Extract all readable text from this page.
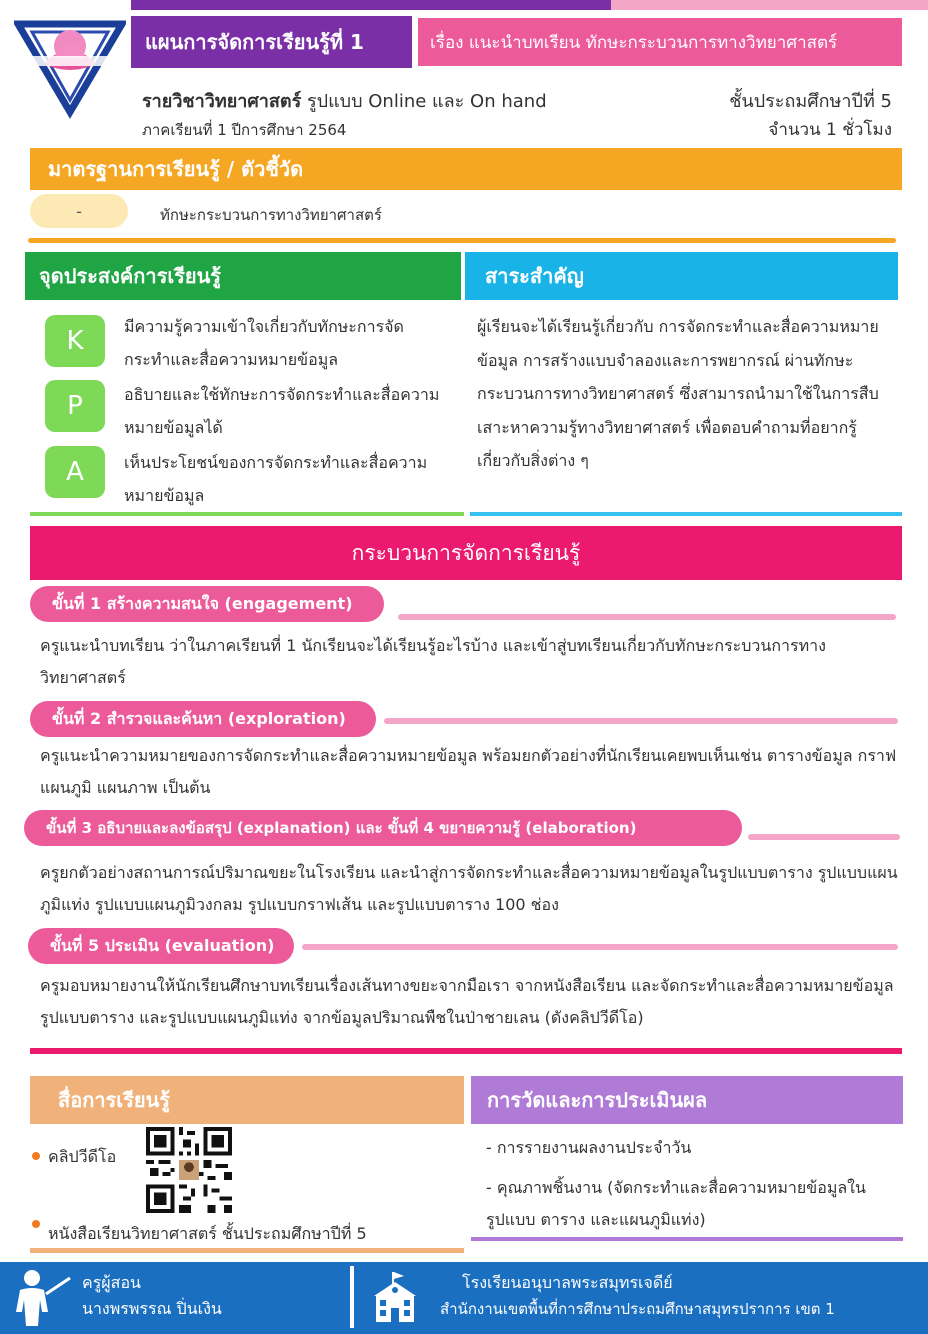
แผนการจัดการเรียนรู้ที่ 1	เรื่อง แนะนำบทเรียน ทักษะกระบวนการทางวิทยาศาสตร์
รายวิชาวิทยาศาสตร์ รูปแบบ Online และ On hand
ภาคเรียนที่ 1 ปีการศึกษา 2564
ชั้นประถมศึกษาปีที่ 5
จำนวน 1 ชั่วโมง
มาตรฐานการเรียนรู้ / ตัวชี้วัด
-	ทักษะกระบวนการทางวิทยาศาสตร์
จุดประสงค์การเรียนรู้	สาระสำคัญ
K	มีความรู้ความเข้าใจเกี่ยวกับทักษะการจัดกระทำและสื่อความหมายข้อมูล
P	อธิบายและใช้ทักษะการจัดกระทำและสื่อความหมายข้อมูลได้
A	เห็นประโยชน์ของการจัดกระทำและสื่อความหมายข้อมูล
ผู้เรียนจะได้เรียนรู้เกี่ยวกับ การจัดกระทำและสื่อความหมายข้อมูล การสร้างแบบจำลองและการพยากรณ์ ผ่านทักษะกระบวนการทางวิทยาศาสตร์ ซึ่งสามารถนำมาใช้ในการสืบเสาะหาความรู้ทางวิทยาศาสตร์ เพื่อตอบคำถามที่อยากรู้ เกี่ยวกับสิ่งต่าง ๆ
กระบวนการจัดการเรียนรู้
ขั้นที่ 1 สร้างความสนใจ (engagement)
ครูแนะนำบทเรียน ว่าในภาคเรียนที่ 1 นักเรียนจะได้เรียนรู้อะไรบ้าง และเข้าสู่บทเรียนเกี่ยวกับทักษะกระบวนการทางวิทยาศาสตร์
ขั้นที่ 2 สำรวจและค้นหา (exploration)
ครูแนะนำความหมายของการจัดกระทำและสื่อความหมายข้อมูล พร้อมยกตัวอย่างที่นักเรียนเคยพบเห็นเช่น ตารางข้อมูล กราฟ แผนภูมิ แผนภาพ เป็นต้น
ขั้นที่ 3 อธิบายและลงข้อสรุป (explanation) และ ขั้นที่ 4 ขยายความรู้ (elaboration)
ครูยกตัวอย่างสถานการณ์ปริมาณขยะในโรงเรียน และนำสู่การจัดกระทำและสื่อความหมายข้อมูลในรูปแบบตาราง รูปแบบแผนภูมิแท่ง รูปแบบแผนภูมิวงกลม รูปแบบกราฟเส้น และรูปแบบตาราง 100 ช่อง
ขั้นที่ 5 ประเมิน (evaluation)
ครูมอบหมายงานให้นักเรียนศึกษาบทเรียนเรื่องเส้นทางขยะจากมือเรา จากหนังสือเรียน และจัดกระทำและสื่อความหมายข้อมูลรูปแบบตาราง และรูปแบบแผนภูมิแท่ง จากข้อมูลปริมาณพืชในป่าชายเลน (ดังคลิปวีดีโอ)
สื่อการเรียนรู้	การวัดและการประเมินผล
คลิปวีดีโอ
หนังสือเรียนวิทยาศาสตร์ ชั้นประถมศึกษาปีที่ 5
- การรายงานผลงานประจำวัน
- คุณภาพชิ้นงาน (จัดกระทำและสื่อความหมายข้อมูลในรูปแบบ ตาราง และแผนภูมิแท่ง)
ครูผู้สอน
นางพรพรรณ ปิ่นเงิน
โรงเรียนอนุบาลพระสมุทรเจดีย์
สำนักงานเขตพื้นที่การศึกษาประถมศึกษาสมุทรปราการ เขต 1
